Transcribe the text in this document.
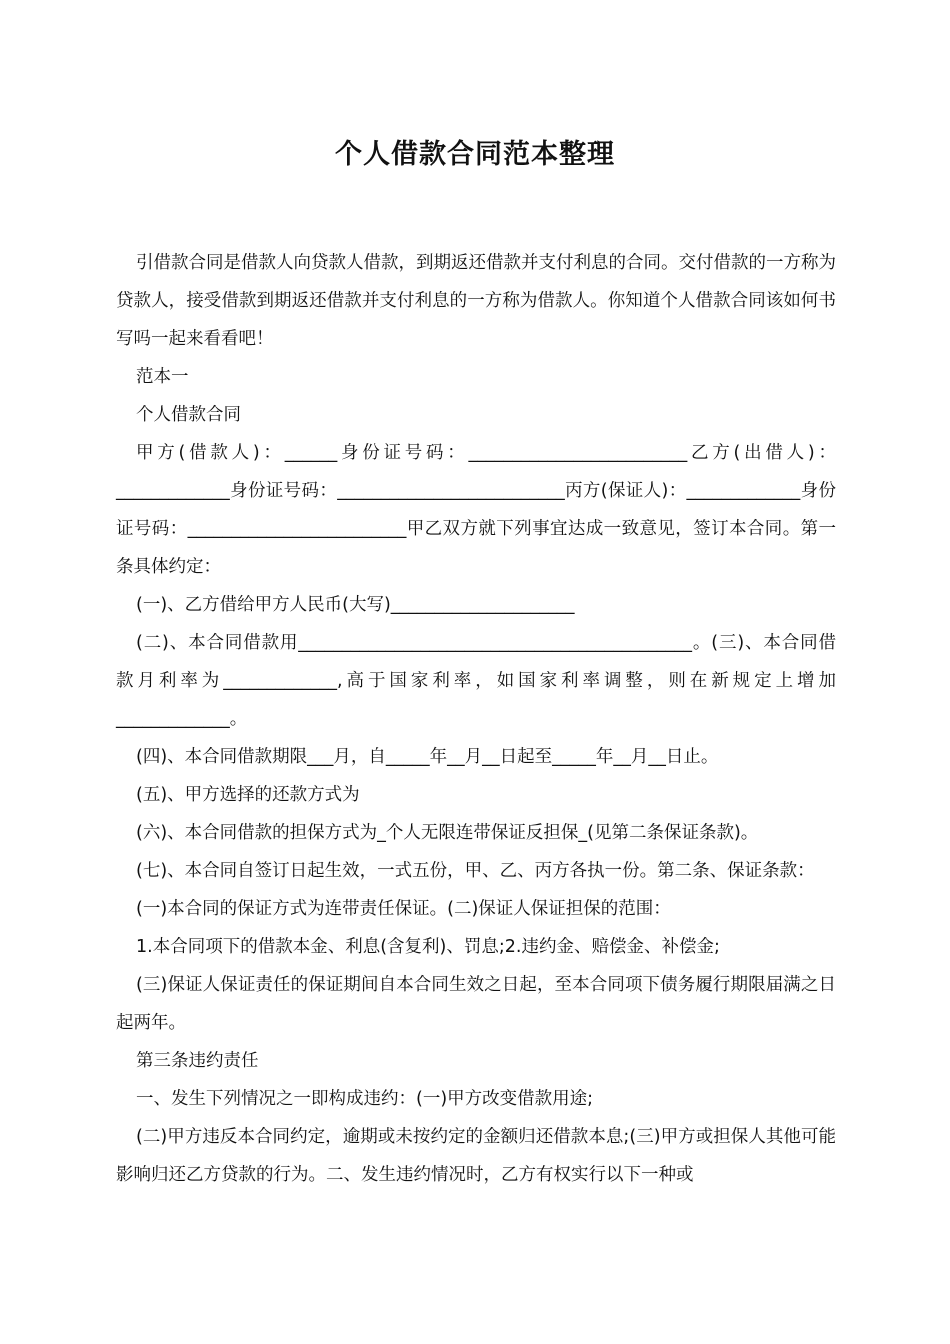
个人借款合同范本整理

引借款合同是借款人向贷款人借款，到期返还借款并支付利息的合同。交付借款的一方称为贷款人，接受借款到期返还借款并支付利息的一方称为借款人。你知道个人借款合同该如何书写吗一起来看看吧！

范本一

个人借款合同

甲方(借款人)：______身份证号码：_________________________乙方(出借人)：_____________身份证号码：__________________________丙方(保证人)：_____________身份证号码：_________________________甲乙双方就下列事宜达成一致意见，签订本合同。第一条具体约定：

(一)、乙方借给甲方人民币(大写)_____________________

(二)、本合同借款用_____________________________________________。(三)、本合同借款月利率为_____________,高于国家利率，如国家利率调整，则在新规定上增加_____________。

(四)、本合同借款期限___月，自_____年__月__日起至_____年__月__日止。

(五)、甲方选择的还款方式为

(六)、本合同借款的担保方式为_个人无限连带保证反担保_(见第二条保证条款)。

(七)、本合同自签订日起生效，一式五份，甲、乙、丙方各执一份。第二条、保证条款：

(一)本合同的保证方式为连带责任保证。(二)保证人保证担保的范围：

1.本合同项下的借款本金、利息(含复利)、罚息;2.违约金、赔偿金、补偿金;

(三)保证人保证责任的保证期间自本合同生效之日起，至本合同项下债务履行期限届满之日起两年。

第三条违约责任

一、发生下列情况之一即构成违约：(一)甲方改变借款用途;

(二)甲方违反本合同约定，逾期或未按约定的金额归还借款本息;(三)甲方或担保人其他可能影响归还乙方贷款的行为。二、发生违约情况时，乙方有权实行以下一种或
